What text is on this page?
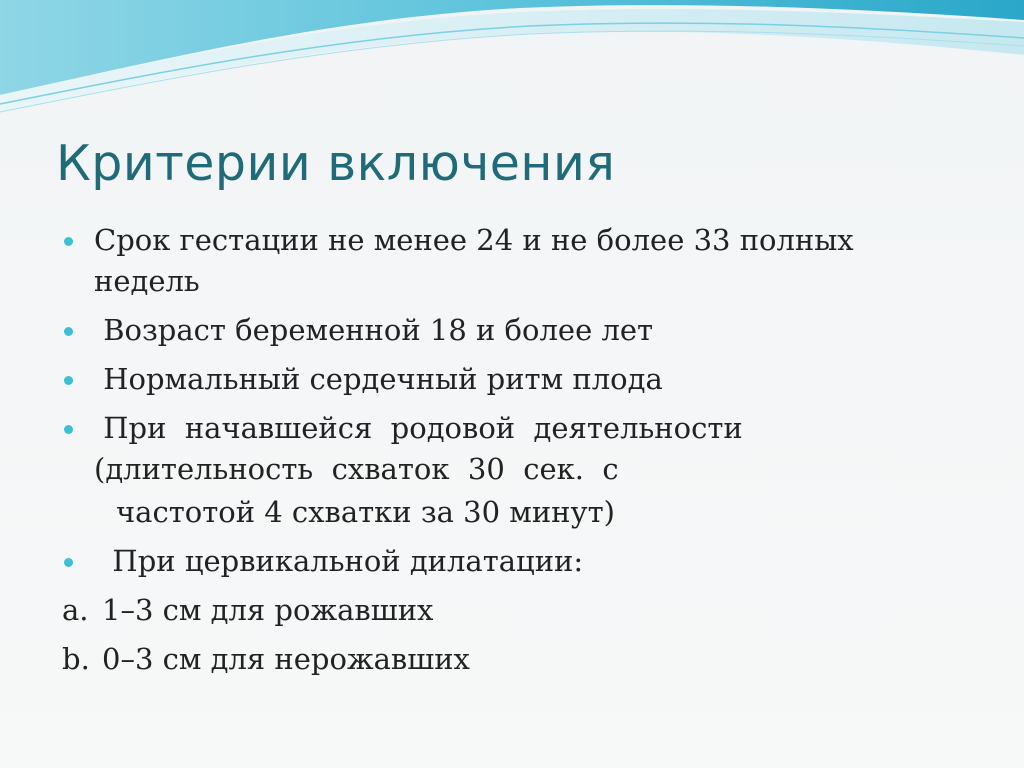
Критерии включения
Срок гестации не менее 24 и не более 33 полных недель
Возраст беременной 18 и более лет
Нормальный сердечный ритм плода
При  начавшейся  родовой  деятельности (длительность  схваток  30  сек.  с
частотой 4 схватки за 30 минут)
При цервикальной дилатации:
a. 1–3 см для рожавших
b. 0–3 см для нерожавших
